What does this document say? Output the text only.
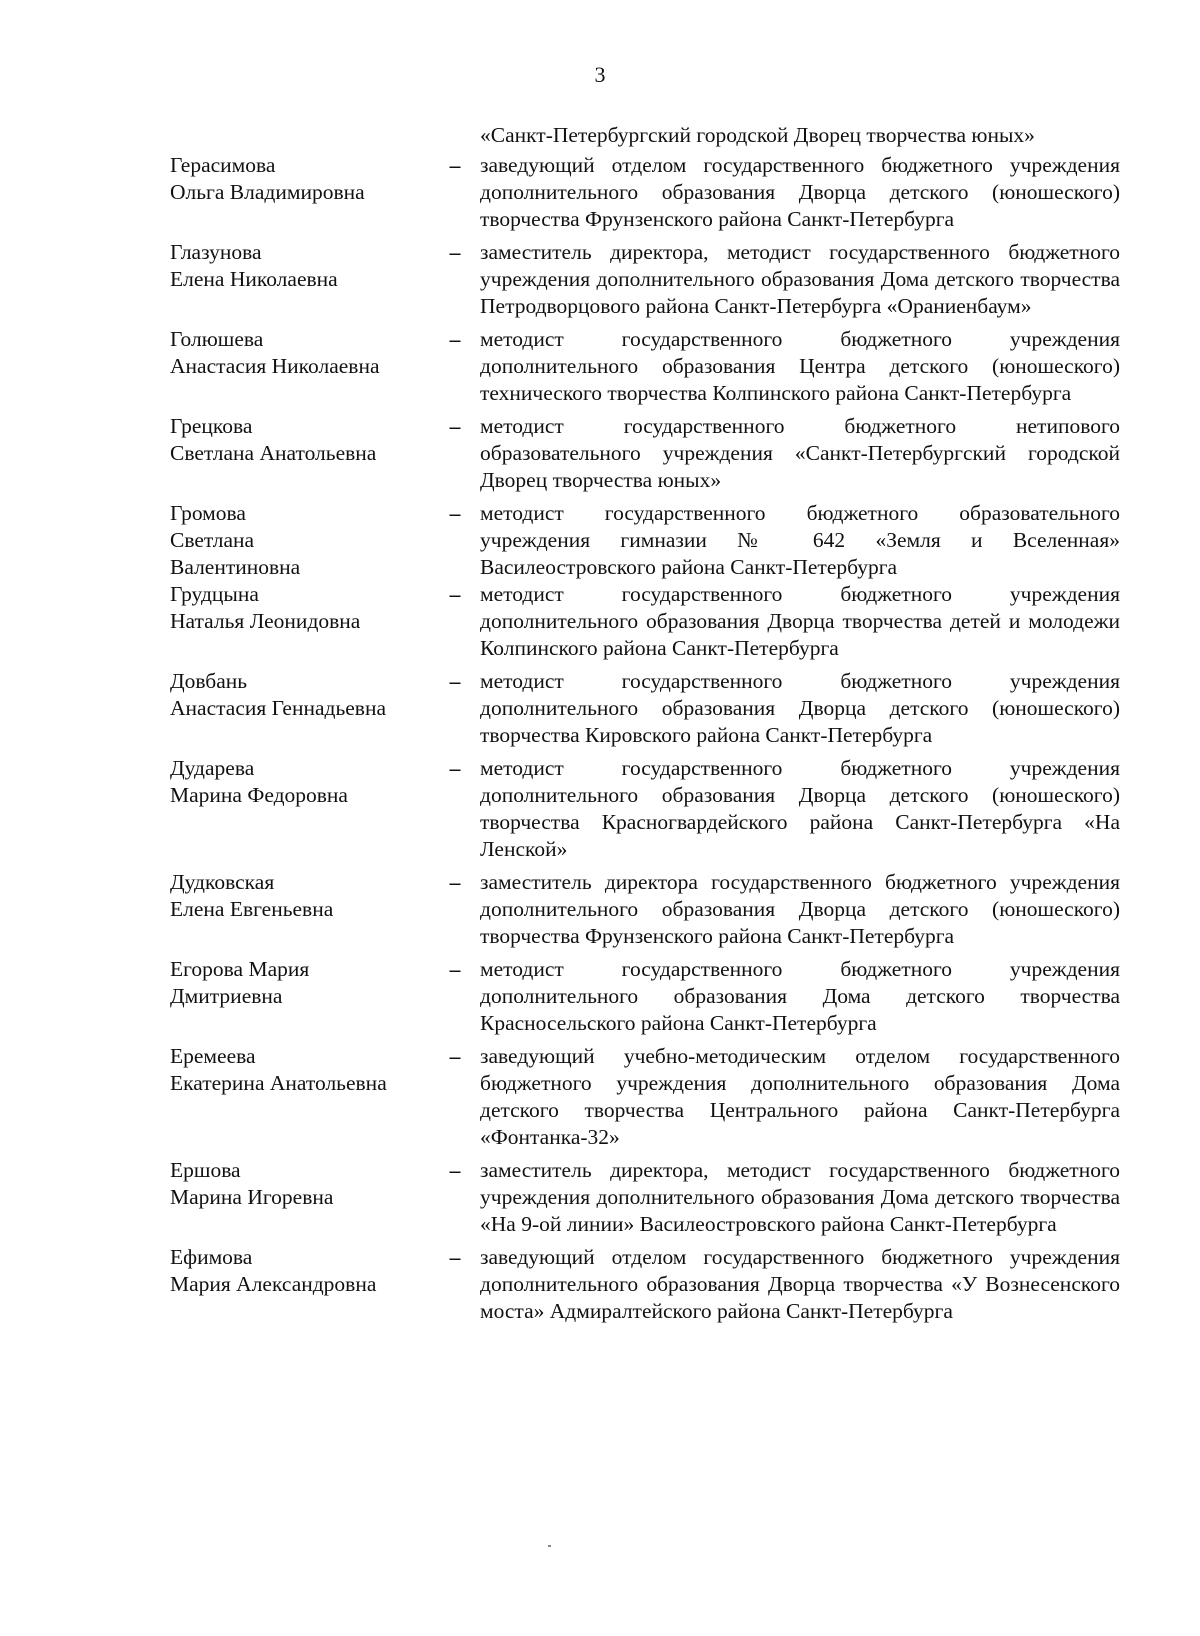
3
«Санкт-Петербургский городской Дворец творчества юных»
Герасимова
Ольга Владимировна
– заведующий отделом государственного бюджетного учреждения дополнительного образования Дворца детского (юношеского) творчества Фрунзенского района Санкт-Петербурга
Глазунова
Елена Николаевна
– заместитель директора, методист государственного бюджетного учреждения дополнительного образования Дома детского творчества Петродворцового района Санкт-Петербурга «Ораниенбаум»
Голюшева
Анастасия Николаевна
– методист государственного бюджетного учреждения дополнительного образования Центра детского (юношеского) технического творчества Колпинского района Санкт-Петербурга
Грецкова
Светлана Анатольевна
– методист государственного бюджетного нетипового образовательного учреждения «Санкт-Петербургский городской Дворец творчества юных»
Громова
Светлана
Валентиновна
– методист государственного бюджетного образовательного учреждения гимназии № 642 «Земля и Вселенная» Василеостровского района Санкт-Петербурга
Грудцына
Наталья Леонидовна
– методист государственного бюджетного учреждения дополнительного образования Дворца творчества детей и молодежи Колпинского района Санкт-Петербурга
Довбань
Анастасия Геннадьевна
– методист государственного бюджетного учреждения дополнительного образования Дворца детского (юношеского) творчества Кировского района Санкт-Петербурга
Дударева
Марина Федоровна
– методист государственного бюджетного учреждения дополнительного образования Дворца детского (юношеского) творчества Красногвардейского района Санкт-Петербурга «На Ленской»
Дудковская
Елена Евгеньевна
– заместитель директора государственного бюджетного учреждения дополнительного образования Дворца детского (юношеского) творчества Фрунзенского района Санкт-Петербурга
Егорова Мария
Дмитриевна
– методист государственного бюджетного учреждения дополнительного образования Дома детского творчества Красносельского района Санкт-Петербурга
Еремеева
Екатерина Анатольевна
– заведующий учебно-методическим отделом государственного бюджетного учреждения дополнительного образования Дома детского творчества Центрального района Санкт-Петербурга «Фонтанка-32»
Ершова
Марина Игоревна
– заместитель директора, методист государственного бюджетного учреждения дополнительного образования Дома детского творчества «На 9-ой линии» Василеостровского района Санкт-Петербурга
Ефимова
Мария Александровна
– заведующий отделом государственного бюджетного учреждения дополнительного образования Дворца творчества «У Вознесенского моста» Адмиралтейского района Санкт-Петербурга
